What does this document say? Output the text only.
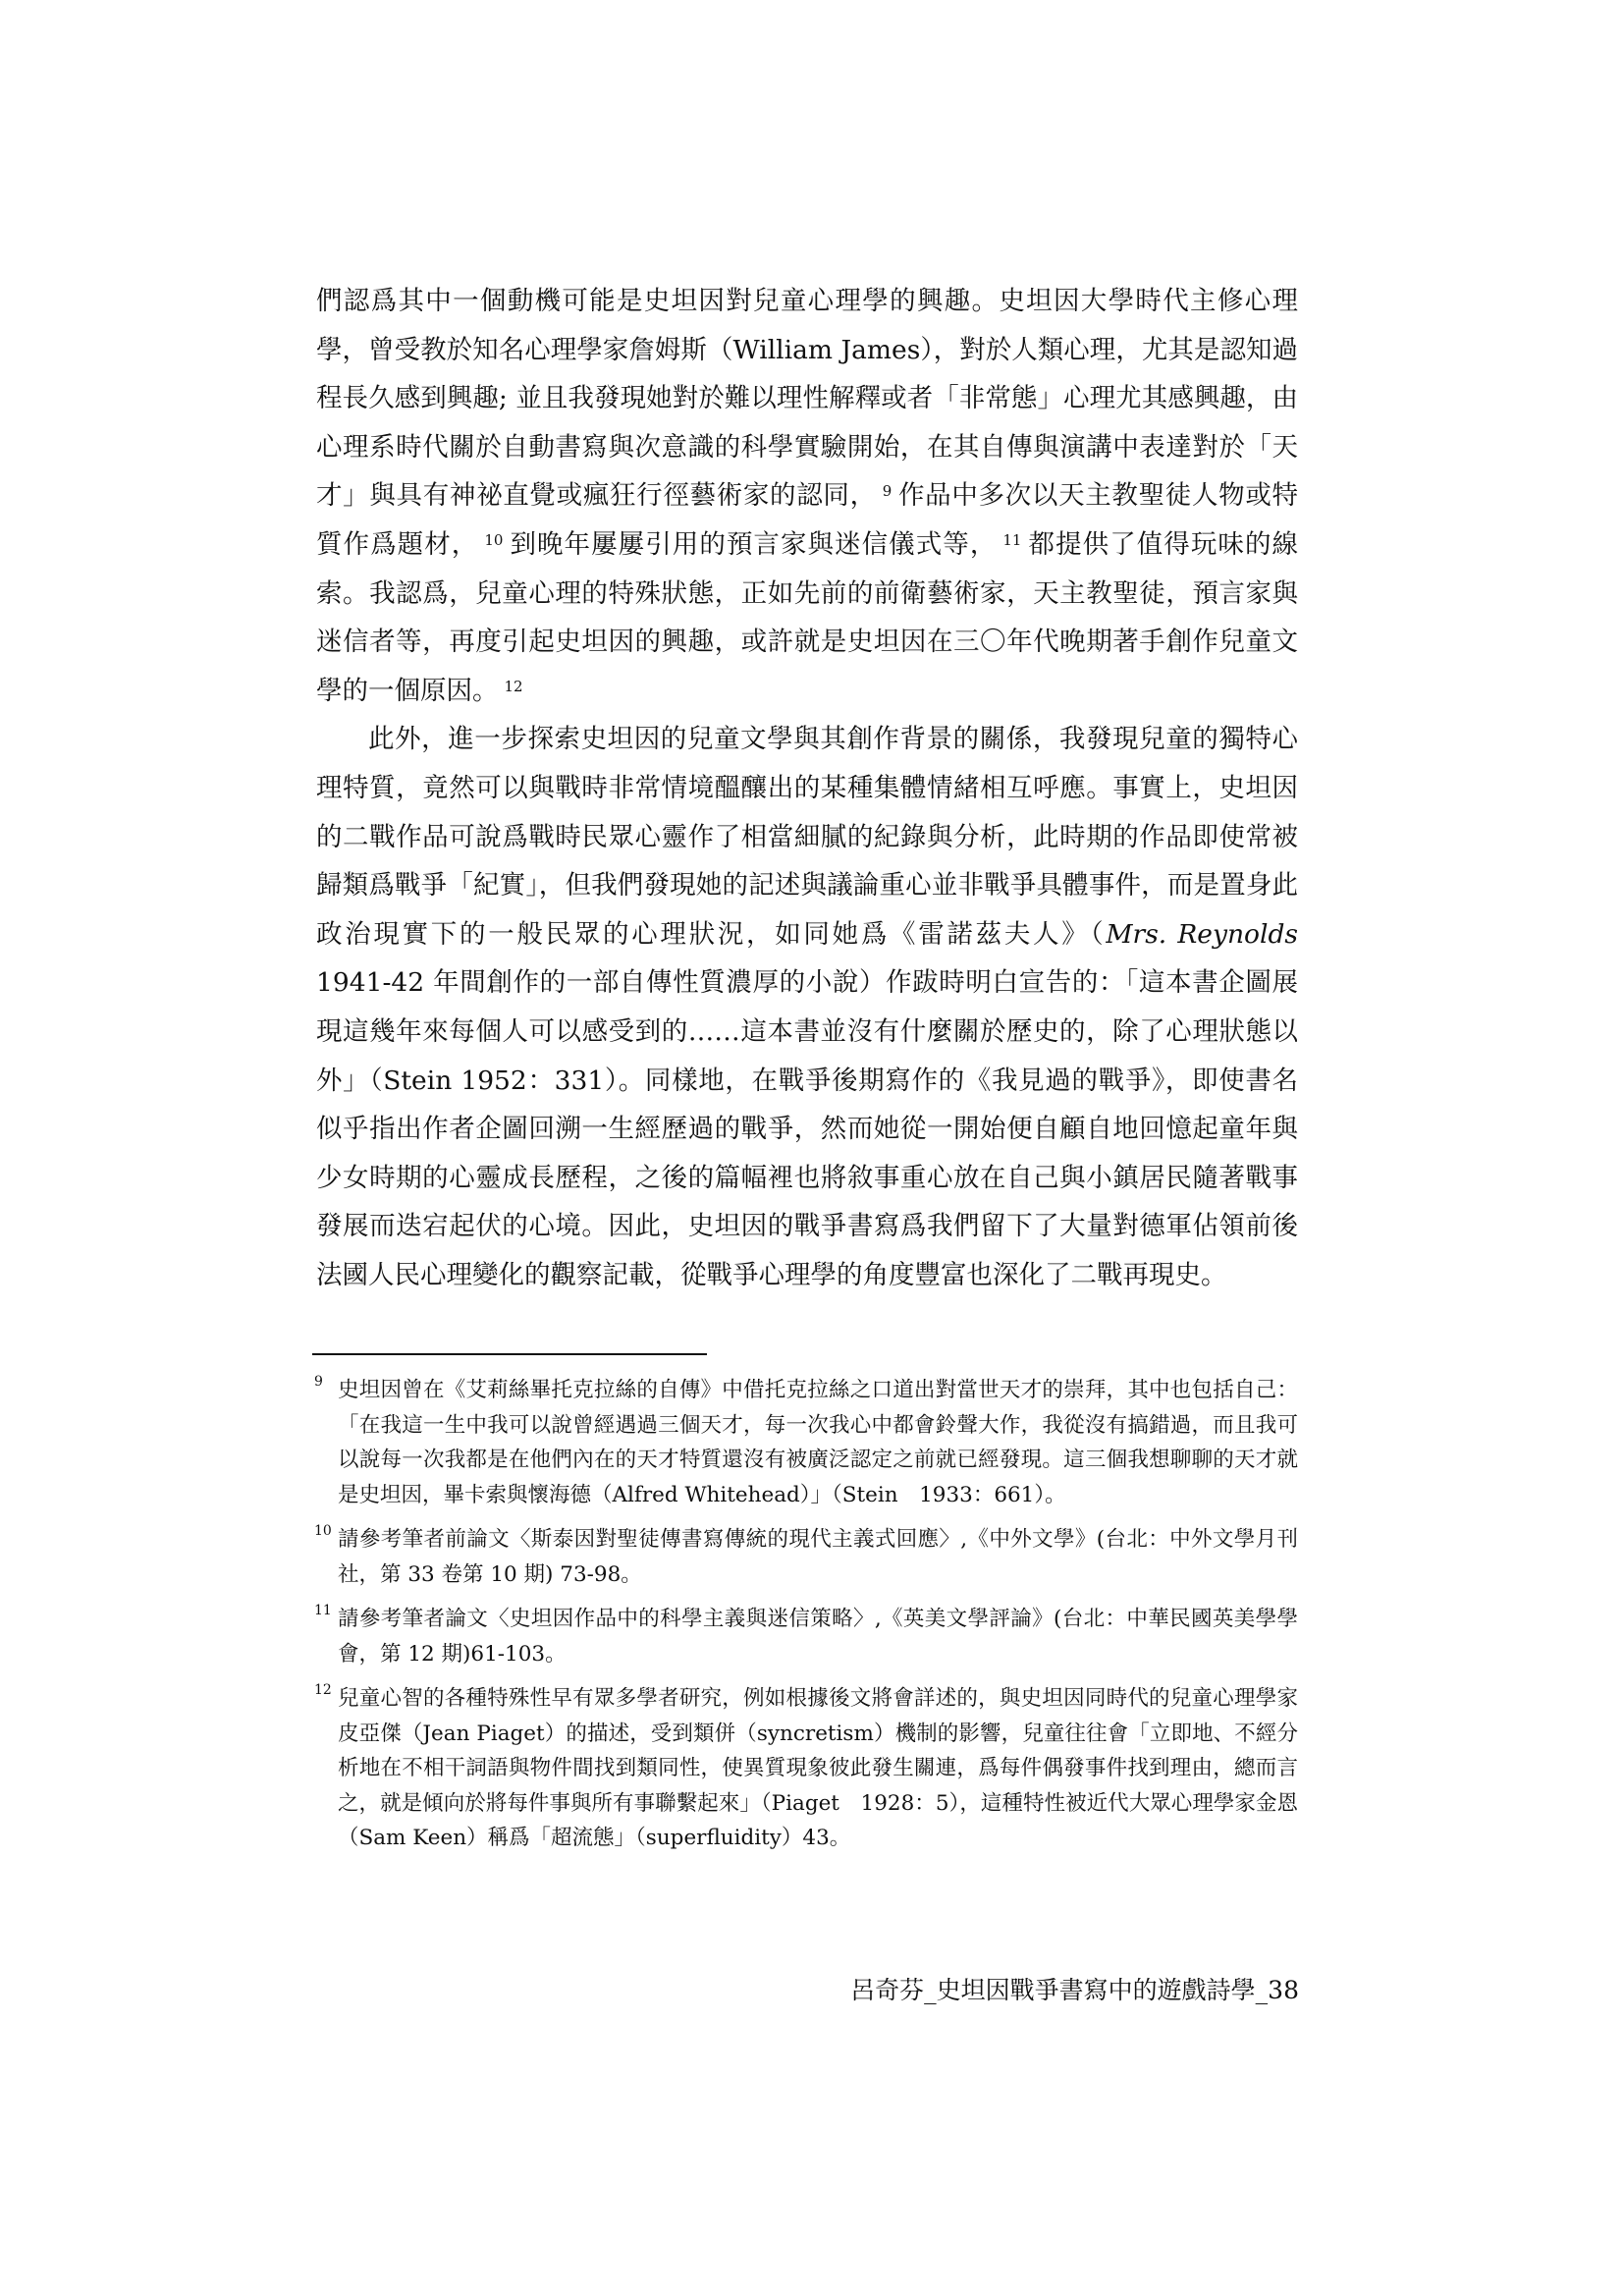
們認爲其中一個動機可能是史坦因對兒童心理學的興趣。史坦因大學時代主修心理學，曾受教於知名心理學家詹姆斯（William James），對於人類心理，尤其是認知過程長久感到興趣; 並且我發現她對於難以理性解釋或者「非常態」心理尤其感興趣，由心理系時代關於自動書寫與次意識的科學實驗開始，在其自傳與演講中表達對於「天才」與具有神祕直覺或瘋狂行徑藝術家的認同， $^9$ 作品中多次以天主教聖徒人物或特質作爲題材， $^{10}$ 到晚年屢屢引用的預言家與迷信儀式等， $^{11}$ 都提供了值得玩味的線索。我認爲，兒童心理的特殊狀態，正如先前的前衛藝術家，天主教聖徒，預言家與迷信者等，再度引起史坦因的興趣，或許就是史坦因在三〇年代晚期著手創作兒童文學的一個原因。 $^{12}$

此外，進一步探索史坦因的兒童文學與其創作背景的關係，我發現兒童的獨特心理特質，竟然可以與戰時非常情境醞釀出的某種集體情緒相互呼應。事實上，史坦因的二戰作品可說爲戰時民眾心靈作了相當細膩的紀錄與分析，此時期的作品即使常被歸類爲戰爭「紀實」，但我們發現她的記述與議論重心並非戰爭具體事件，而是置身此政治現實下的一般民眾的心理狀況，如同她爲《雷諾茲夫人》（Mrs. Reynolds 1941-42 年間創作的一部自傳性質濃厚的小說）作跋時明白宣告的：「這本書企圖展現這幾年來每個人可以感受到的……這本書並沒有什麼關於歷史的，除了心理狀態以外」（Stein 1952：331）。同樣地，在戰爭後期寫作的《我見過的戰爭》，即使書名似乎指出作者企圖回溯一生經歷過的戰爭，然而她從一開始便自顧自地回憶起童年與少女時期的心靈成長歷程，之後的篇幅裡也將敘事重心放在自己與小鎮居民隨著戰事發展而迭宕起伏的心境。因此，史坦因的戰爭書寫爲我們留下了大量對德軍佔領前後法國人民心理變化的觀察記載，從戰爭心理學的角度豐富也深化了二戰再現史。

9 史坦因曾在《艾莉絲畢托克拉絲的自傳》中借托克拉絲之口道出對當世天才的崇拜，其中也包括自己：「在我這一生中我可以說曾經遇過三個天才，每一次我心中都會鈴聲大作，我從沒有搞錯過，而且我可以說每一次我都是在他們內在的天才特質還沒有被廣泛認定之前就已經發現。這三個我想聊聊的天才就是史坦因，畢卡索與懷海德（Alfred Whitehead）」（Stein　1933：661）。
10 請參考筆者前論文〈斯泰因對聖徒傳書寫傳統的現代主義式回應〉,《中外文學》(台北：中外文學月刊社，第 33 卷第 10 期) 73-98。
11 請參考筆者論文〈史坦因作品中的科學主義與迷信策略〉,《英美文學評論》(台北：中華民國英美學學會，第 12 期)61-103。
12 兒童心智的各種特殊性早有眾多學者研究，例如根據後文將會詳述的，與史坦因同時代的兒童心理學家皮亞傑（Jean Piaget）的描述，受到類併（syncretism）機制的影響，兒童往往會「立即地、不經分析地在不相干詞語與物件間找到類同性，使異質現象彼此發生關連，爲每件偶發事件找到理由，總而言之，就是傾向於將每件事與所有事聯繫起來」（Piaget　1928：5），這種特性被近代大眾心理學家金恩（Sam Keen）稱爲「超流態」（superfluidity）43。
呂奇芬_史坦因戰爭書寫中的遊戲詩學_38
